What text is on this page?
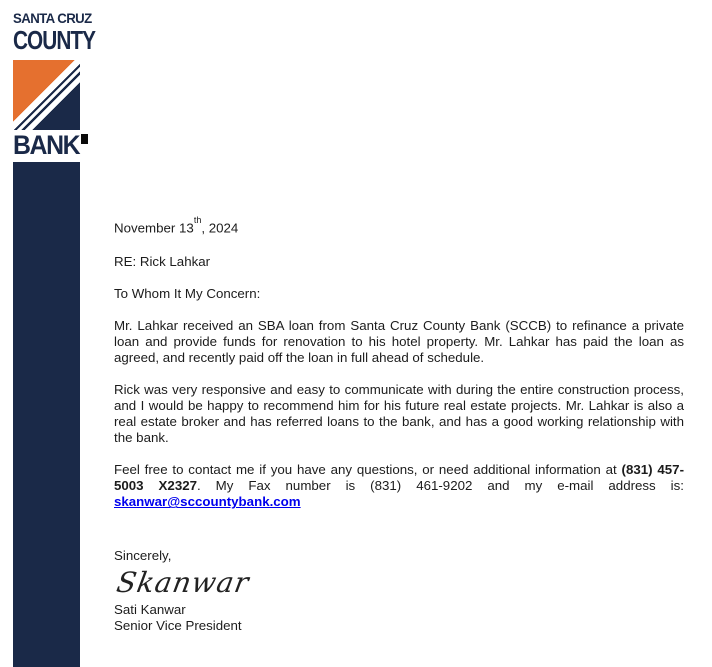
SANTA CRUZ
COUNTY
BANK
November 13th, 2024
RE: Rick Lahkar
To Whom It My Concern:

Mr. Lahkar received an SBA loan from Santa Cruz County Bank (SCCB) to refinance a private loan and provide funds for renovation to his hotel property. Mr. Lahkar has paid the loan as agreed, and recently paid off the loan in full ahead of schedule.

Rick was very responsive and easy to communicate with during the entire construction process, and I would be happy to recommend him for his future real estate projects. Mr. Lahkar is also a real estate broker and has referred loans to the bank, and has a good working relationship with the bank.

Feel free to contact me if you have any questions, or need additional information at (831) 457-5003 X2327. My Fax number is (831) 461-9202 and my e-mail address is: skanwar@sccountybank.com

Sincerely,
Skanwar
Sati Kanwar
Senior Vice President
